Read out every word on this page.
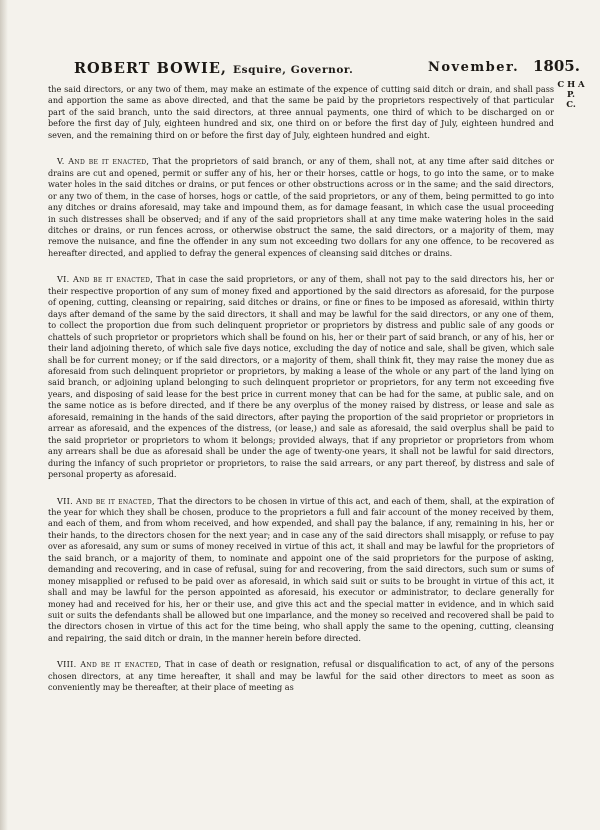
ROBERT BOWIE, Esquire, Governor.	November. 1805.
C H A P.
C.

the said directors, or any two of them, may make an estimate of the expence of cutting said ditch or drain, and shall pass and apportion the same as above directed, and that the same be paid by the proprietors respectively of that particular part of the said branch, unto the said directors, at three annual payments, one third of which to be discharged on or before the first day of July, eighteen hundred and six, one third on or before the first day of July, eighteen hundred and seven, and the remaining third on or before the first day of July, eighteen hundred and eight.

V. And be it enacted, That the proprietors of said branch, or any of them, shall not, at any time after said ditches or drains are cut and opened, permit or suffer any of his, her or their horses, cattle or hogs, to go into the same, or to make water holes in the said ditches or drains, or put fences or other obstructions across or in the same; and the said directors, or any two of them, in the case of horses, hogs or cattle, of the said proprietors, or any of them, being permitted to go into any ditches or drains aforesaid, may take and impound them, as for damage feasant, in which case the usual proceeding in such distresses shall be observed; and if any of the said proprietors shall at any time make watering holes in the said ditches or drains, or run fences across, or otherwise obstruct the same, the said directors, or a majority of them, may remove the nuisance, and fine the offender in any sum not exceeding two dollars for any one offence, to be recovered as hereafter directed, and applied to defray the general expences of cleansing said ditches or drains.

VI. And be it enacted, That in case the said proprietors, or any of them, shall not pay to the said directors his, her or their respective proportion of any sum of money fixed and apportioned by the said directors as aforesaid, for the purpose of opening, cutting, cleansing or repairing, said ditches or drains, or fine or fines to be imposed as aforesaid, within thirty days after demand of the same by the said directors, it shall and may be lawful for the said directors, or any one of them, to collect the proportion due from such delinquent proprietor or proprietors by distress and public sale of any goods or chattels of such proprietor or proprietors which shall be found on his, her or their part of said branch, or any of his, her or their land adjoining thereto, of which sale five days notice, excluding the day of notice and sale, shall be given, which sale shall be for current money; or if the said directors, or a majority of them, shall think fit, they may raise the money due as aforesaid from such delinquent proprietor or proprietors, by making a lease of the whole or any part of the land lying on said branch, or adjoining upland belonging to such delinquent proprietor or proprietors, for any term not exceeding five years, and disposing of said lease for the best price in current money that can be had for the same, at public sale, and on the same notice as is before directed, and if there be any overplus of the money raised by distress, or lease and sale as aforesaid, remaining in the hands of the said directors, after paying the proportion of the said proprietor or proprietors in arrear as aforesaid, and the expences of the distress, (or lease,) and sale as aforesaid, the said overplus shall be paid to the said proprietor or proprietors to whom it belongs; provided always, that if any proprietor or proprietors from whom any arrears shall be due as aforesaid shall be under the age of twenty-one years, it shall not be lawful for said directors, during the infancy of such proprietor or proprietors, to raise the said arrears, or any part thereof, by distress and sale of personal property as aforesaid.

VII. And be it enacted, That the directors to be chosen in virtue of this act, and each of them, shall, at the expiration of the year for which they shall be chosen, produce to the proprietors a full and fair account of the money received by them, and each of them, and from whom received, and how expended, and shall pay the balance, if any, remaining in his, her or their hands, to the directors chosen for the next year; and in case any of the said directors shall misapply, or refuse to pay over as aforesaid, any sum or sums of money received in virtue of this act, it shall and may be lawful for the proprietors of the said branch, or a majority of them, to nominate and appoint one of the said proprietors for the purpose of asking, demanding and recovering, and in case of refusal, suing for and recovering, from the said directors, such sum or sums of money misapplied or refused to be paid over as aforesaid, in which said suit or suits to be brought in virtue of this act, it shall and may be lawful for the person appointed as aforesaid, his executor or administrator, to declare generally for money had and received for his, her or their use, and give this act and the special matter in evidence, and in which said suit or suits the defendants shall be allowed but one imparlance, and the money so received and recovered shall be paid to the directors chosen in virtue of this act for the time being, who shall apply the same to the opening, cutting, cleansing and repairing, the said ditch or drain, in the manner herein before directed.

VIII. And be it enacted, That in case of death or resignation, refusal or disqualification to act, of any of the persons chosen directors, at any time hereafter, it shall and may be lawful for the said other directors to meet as soon as conveniently may be thereafter, at their place of meeting as
